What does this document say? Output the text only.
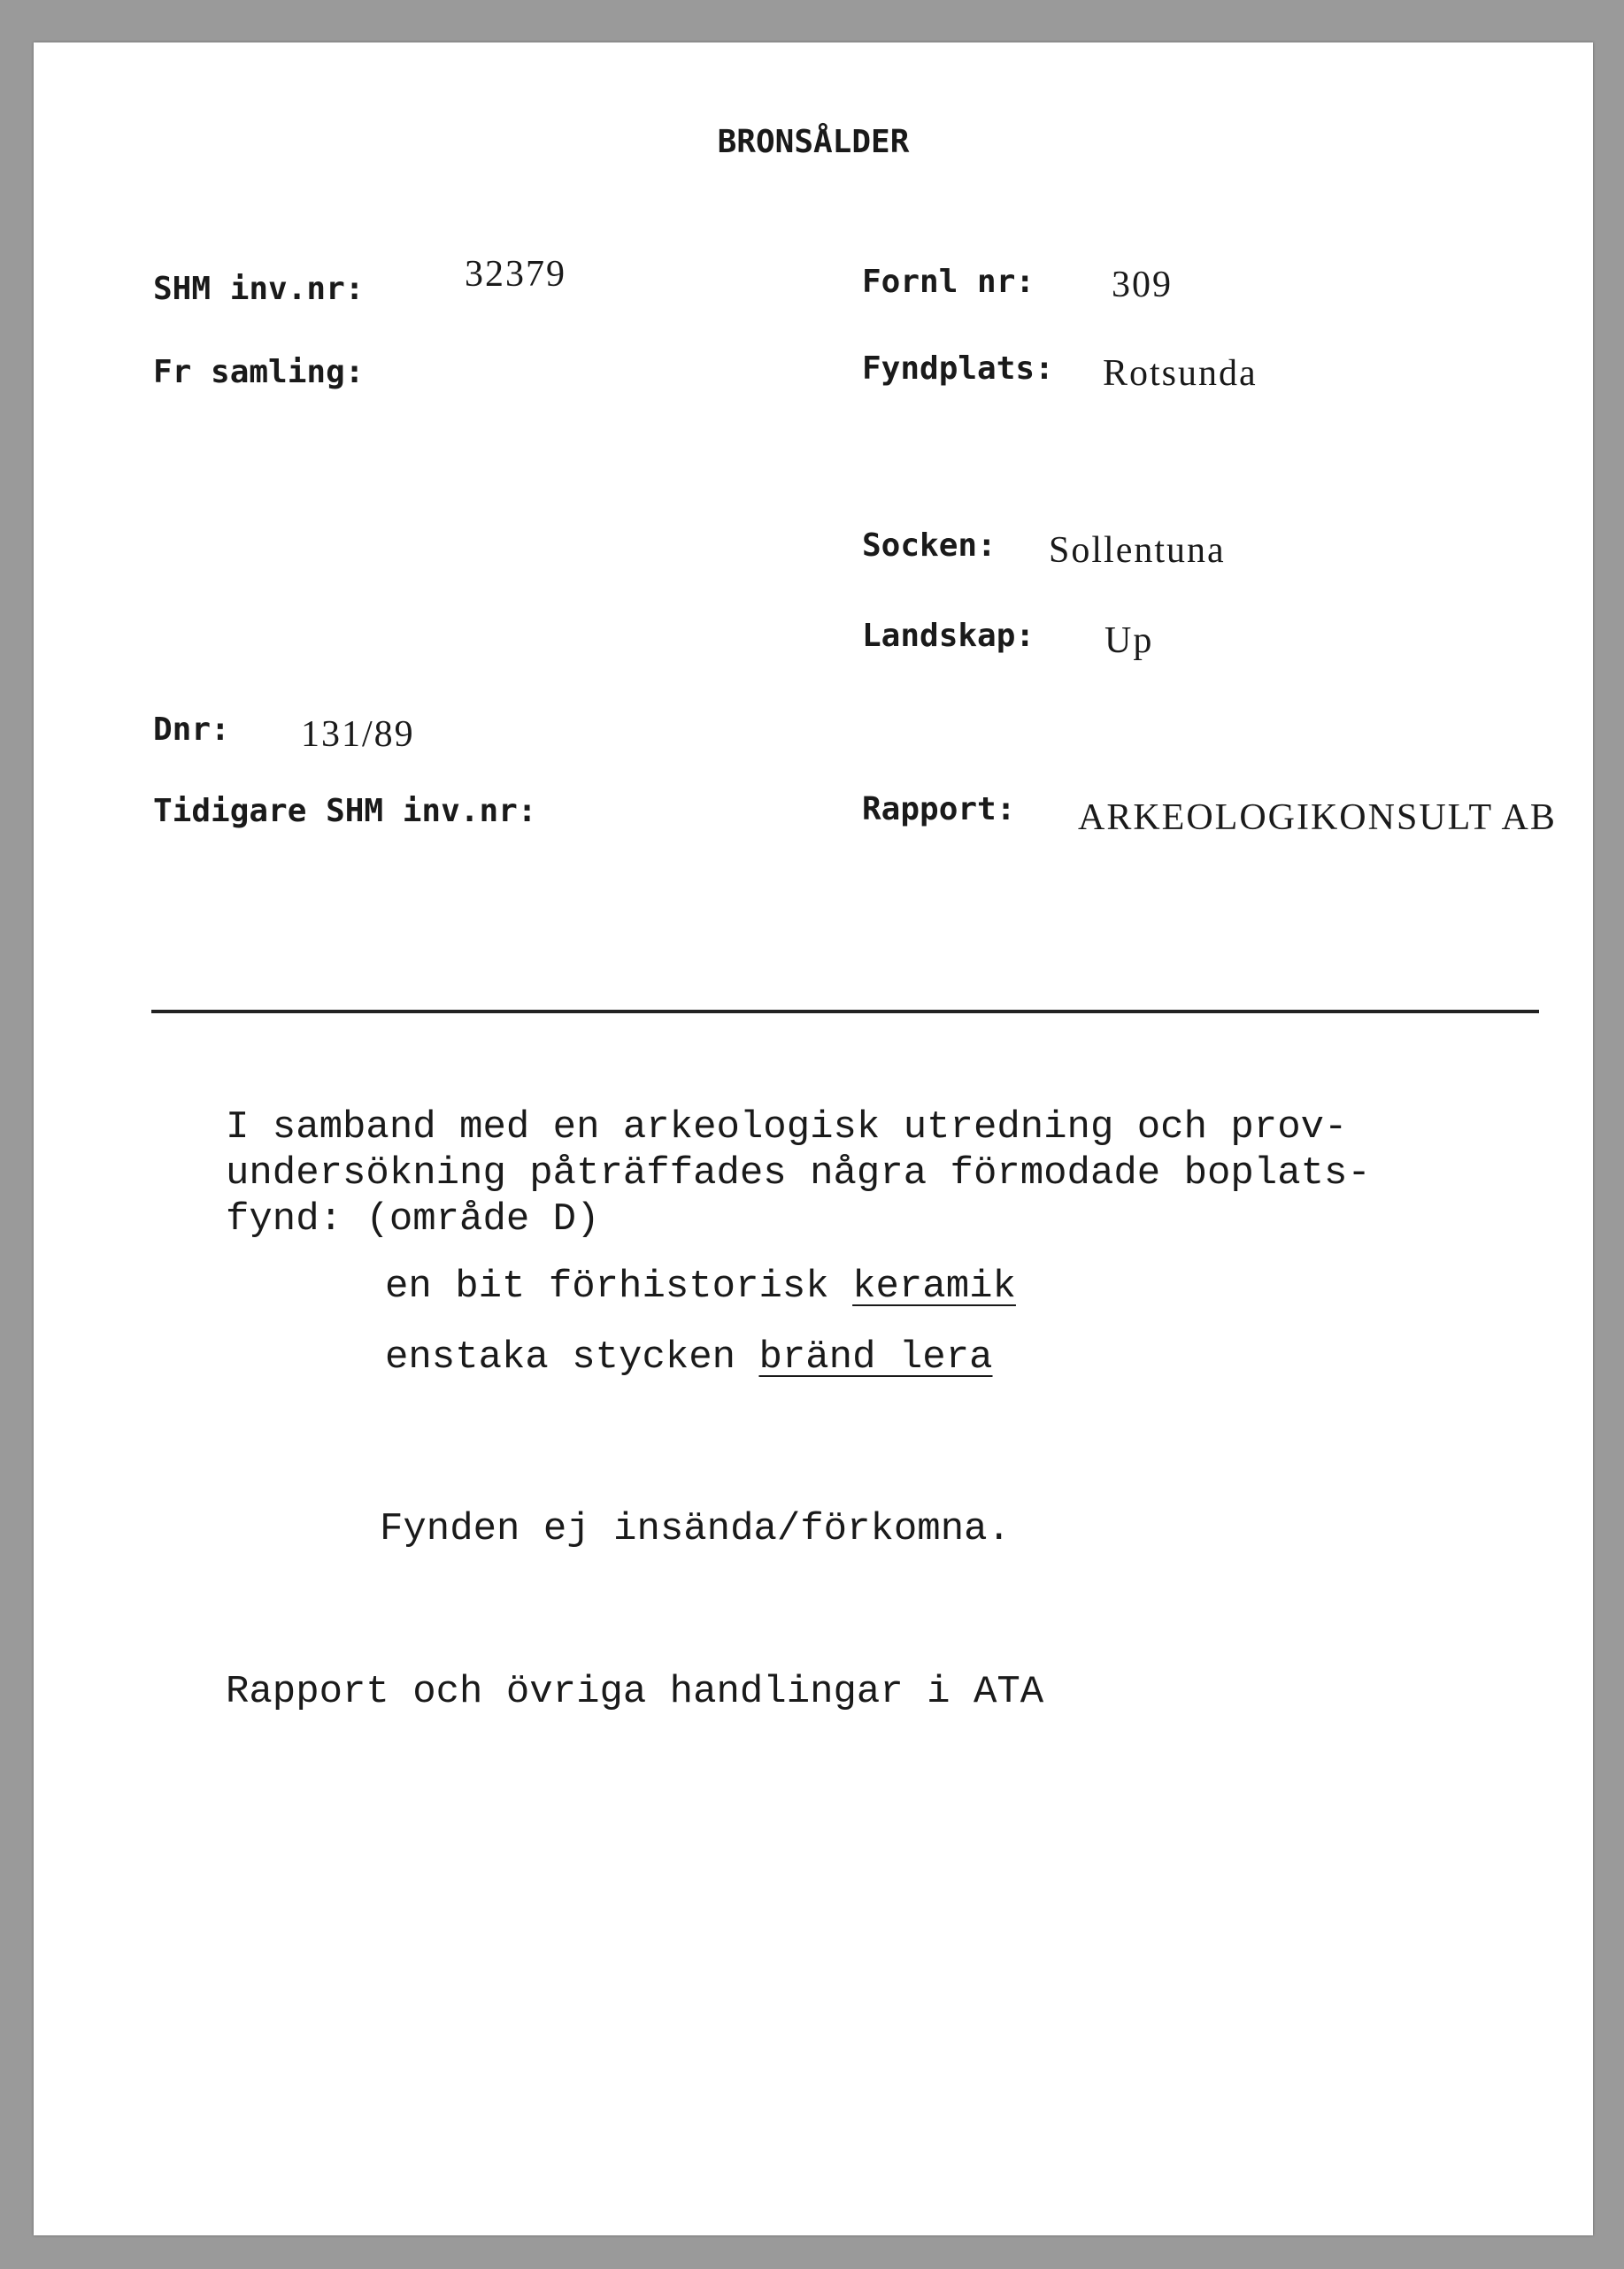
BRONSÅLDER
SHM inv.nr:	32379
Fr samling:
Dnr: 131/89
Tidigare SHM inv.nr:
Fornl nr: 309
Fyndplats: Rotsunda
Socken: Sollentuna
Landskap: Up
Rapport: ARKEOLOGIKONSULT AB
I samband med en arkeologisk utredning och prov-
undersökning påträffades några förmodade boplats-
fynd: (område D)
en bit förhistorisk keramik
enstaka stycken bränd lera
Fynden ej insända/förkomna.
Rapport och övriga handlingar i ATA
